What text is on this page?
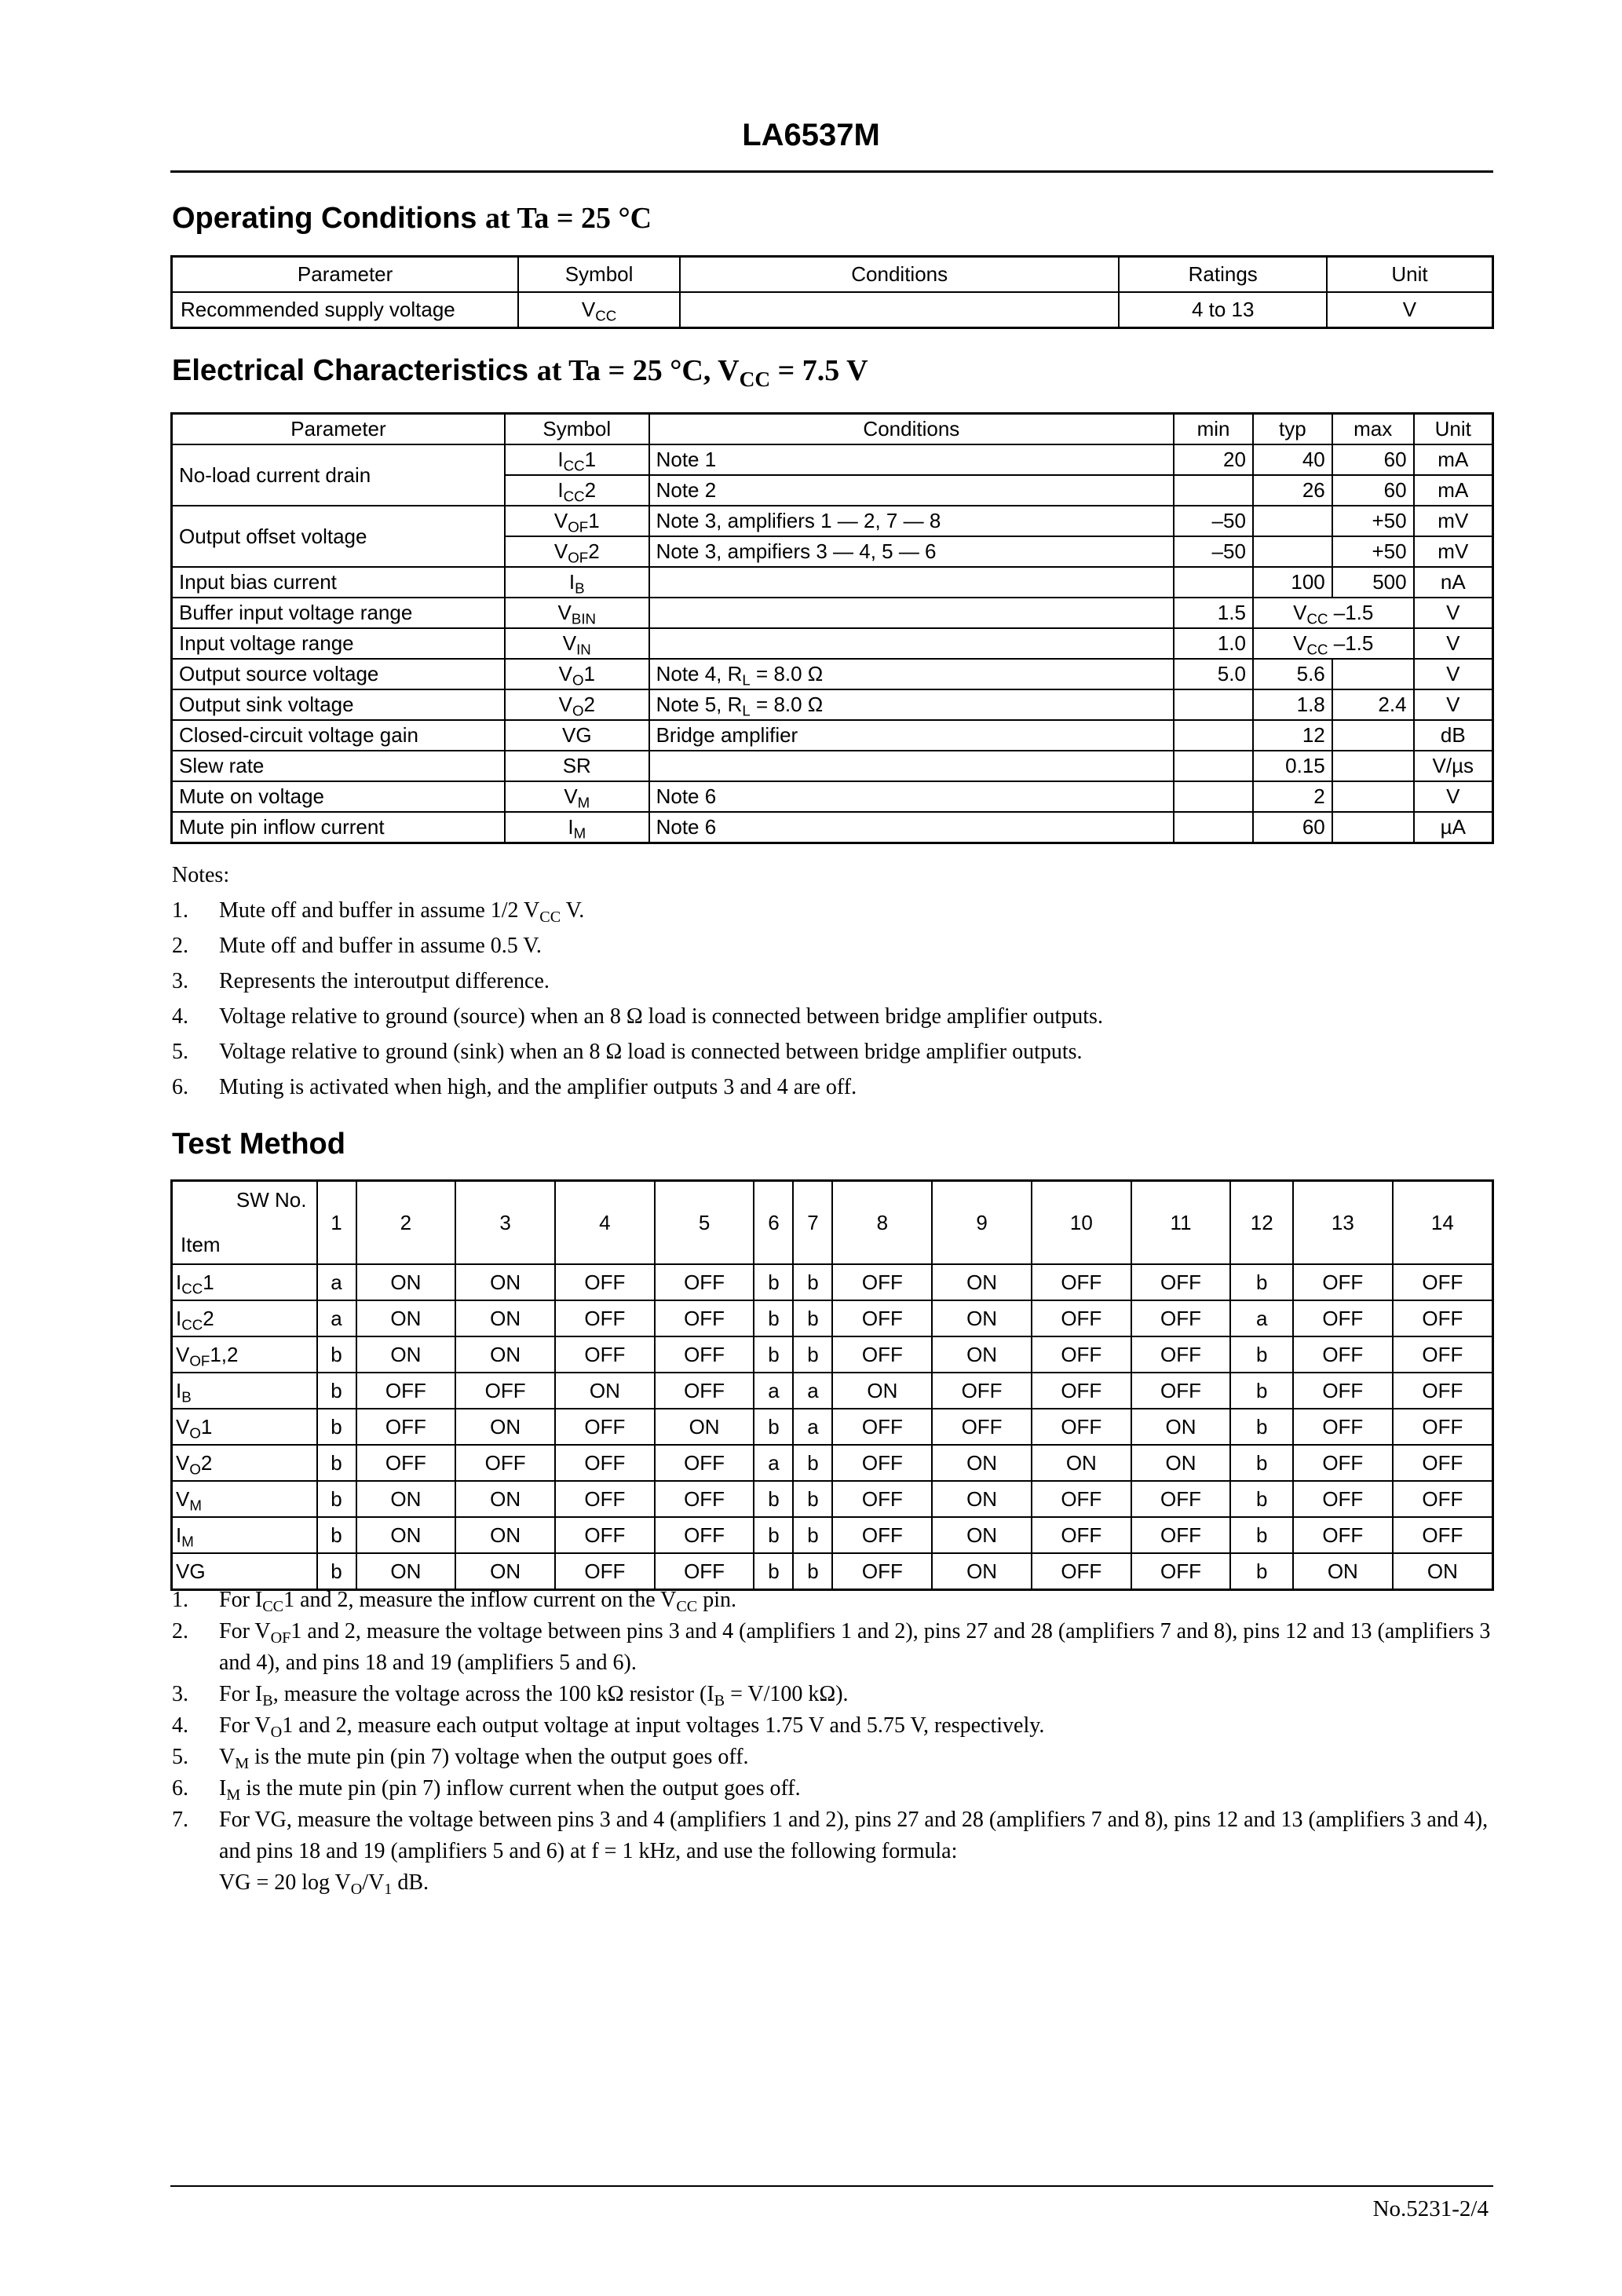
LA6537M
Operating Conditions at Ta = 25 °C
Parameter	Symbol	Conditions	Ratings	Unit
Recommended supply voltage	$V_{CC}$		4 to 13	V
Electrical Characteristics at Ta = 25 °C, $V_{CC} = 7.5$ V
Parameter	Symbol	Conditions	min	typ	max	Unit
No-load current drain	$I_{CC}1$	Note 1	20	40	60	mA
	$I_{CC}2$	Note 2		26	60	mA
Output offset voltage	$V_{OF}1$	Note 3, amplifiers 1 — 2, 7 — 8	–50		+50	mV
	$V_{OF}2$	Note 3, ampifiers 3 — 4, 5 — 6	–50		+50	mV
Input bias current	$I_B$			100	500	nA
Buffer input voltage range	$V_{BIN}$		1.5	$V_{CC}$ –1.5		V
Input voltage range	$V_{IN}$		1.0	$V_{CC}$ –1.5		V
Output source voltage	$V_O1$	Note 4, $R_L = 8.0$ Ω	5.0	5.6		V
Output sink voltage	$V_O2$	Note 5, $R_L = 8.0$ Ω		1.8	2.4	V
Closed-circuit voltage gain	VG	Bridge amplifier		12		dB
Slew rate	SR			0.15		V/µs
Mute on voltage	$V_M$	Note 6		2		V
Mute pin inflow current	$I_M$	Note 6		60		µA
Notes:
1.	Mute off and buffer in assume 1/2 $V_{CC}$ V.
2.	Mute off and buffer in assume 0.5 V.
3.	Represents the interoutput difference.
4.	Voltage relative to ground (source) when an 8 Ω load is connected between bridge amplifier outputs.
5.	Voltage relative to ground (sink) when an 8 Ω load is connected between bridge amplifier outputs.
6.	Muting is activated when high, and the amplifier outputs 3 and 4 are off.
Test Method
SW No.
Item	1	2	3	4	5	6	7	8	9	10	11	12	13	14
$I_{CC}1$	a	ON	ON	OFF	OFF	b	b	OFF	ON	OFF	OFF	b	OFF	OFF
$I_{CC}2$	a	ON	ON	OFF	OFF	b	b	OFF	ON	OFF	OFF	a	OFF	OFF
$V_{OF}1,2$	b	ON	ON	OFF	OFF	b	b	OFF	ON	OFF	OFF	b	OFF	OFF
$I_B$	b	OFF	OFF	ON	OFF	a	a	ON	OFF	OFF	OFF	b	OFF	OFF
$V_O1$	b	OFF	ON	OFF	ON	b	a	OFF	OFF	OFF	ON	b	OFF	OFF
$V_O2$	b	OFF	OFF	OFF	OFF	a	b	OFF	ON	ON	ON	b	OFF	OFF
$V_M$	b	ON	ON	OFF	OFF	b	b	OFF	ON	OFF	OFF	b	OFF	OFF
$I_M$	b	ON	ON	OFF	OFF	b	b	OFF	ON	OFF	OFF	b	OFF	OFF
VG	b	ON	ON	OFF	OFF	b	b	OFF	ON	OFF	OFF	b	ON	ON
1.	For $I_{CC}1$ and 2, measure the inflow current on the $V_{CC}$ pin.
2.	For $V_{OF}1$ and 2, measure the voltage between pins 3 and 4 (amplifiers 1 and 2), pins 27 and 28 (amplifiers 7 and 8), pins 12 and 13 (amplifiers 3 and 4), and pins 18 and 19 (amplifiers 5 and 6).
3.	For $I_B$, measure the voltage across the 100 kΩ resistor ($I_B = V/100$ kΩ).
4.	For $V_O1$ and 2, measure each output voltage at input voltages 1.75 V and 5.75 V, respectively.
5.	$V_M$ is the mute pin (pin 7) voltage when the output goes off.
6.	$I_M$ is the mute pin (pin 7) inflow current when the output goes off.
7.	For VG, measure the voltage between pins 3 and 4 (amplifiers 1 and 2), pins 27 and 28 (amplifiers 7 and 8), pins 12 and 13 (amplifiers 3 and 4), and pins 18 and 19 (amplifiers 5 and 6) at f = 1 kHz, and use the following formula:
VG = 20 $\log V_O/V_1$ dB.
No.5231-2/4
